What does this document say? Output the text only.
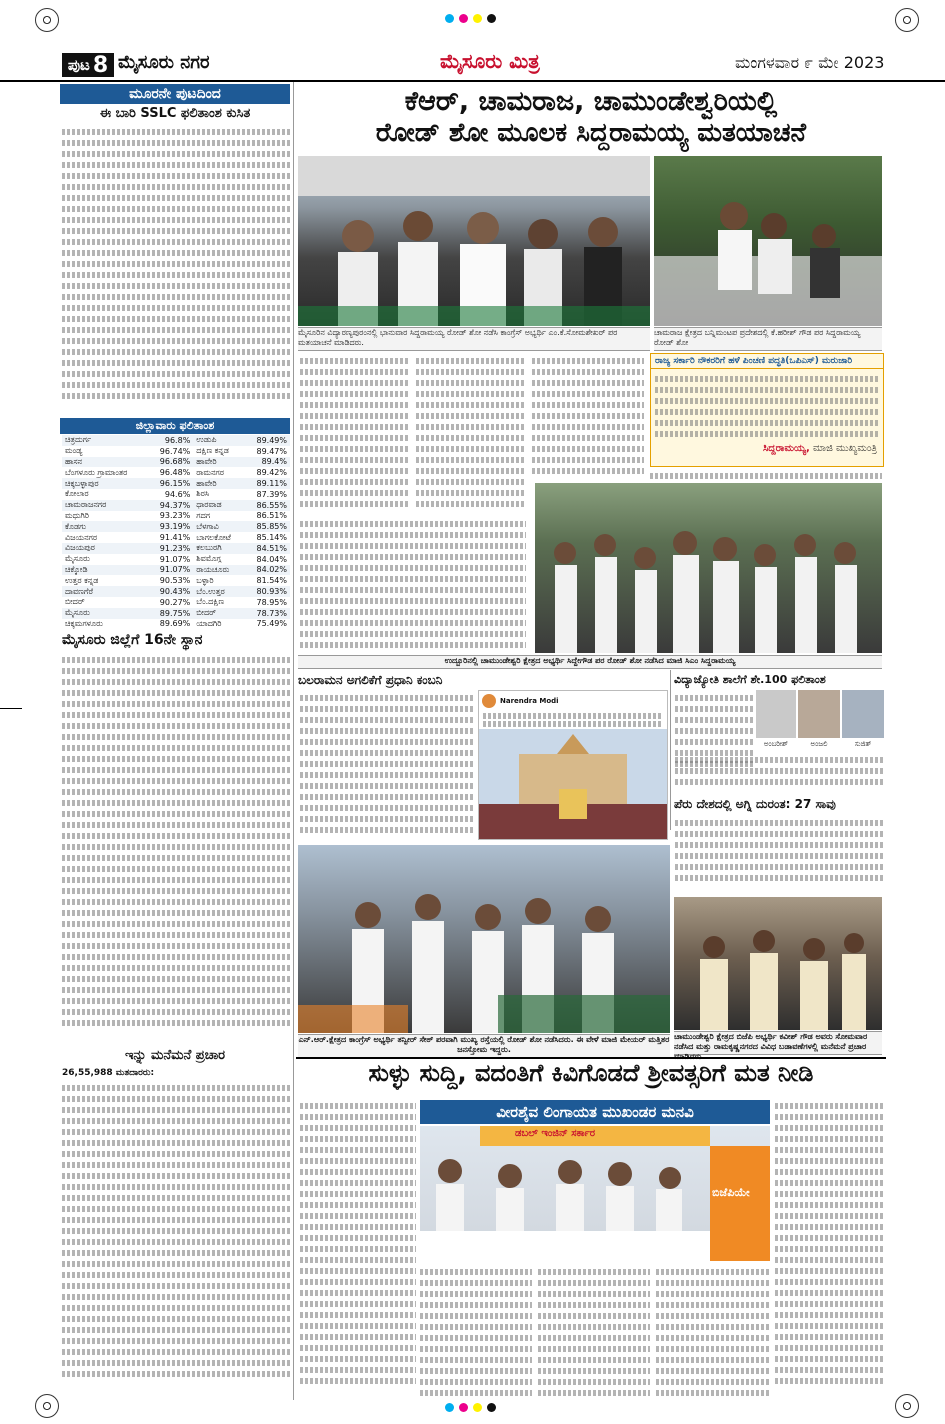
ಪುಟ 8 ಮೈಸೂರು ನಗರ	ಮೈಸೂರು ಮಿತ್ರ	ಮಂಗಳವಾರ ೯ ಮೇ 2023
ಮೂರನೇ ಪುಟದಿಂದ
ಈ ಬಾರಿ SSLC ಫಲಿತಾಂಶ ಕುಸಿತ
ಜಿಲ್ಲಾವಾರು ಫಲಿತಾಂಶ
ಚಿತ್ರದುರ್ಗ	96.8%	ಉಡುಪಿ	89.49%
ಮಂಡ್ಯ	96.74%	ದಕ್ಷಿಣ ಕನ್ನಡ	89.47%
ಹಾಸನ	96.68%	ಹಾವೇರಿ	89.4%
ಬೆಂಗಳೂರು ಗ್ರಾಮಾಂತರ	96.48%	ರಾಮನಗರ	89.42%
ಚಿಕ್ಕಬಳ್ಳಾಪುರ	96.15%	ಹಾವೇರಿ	89.11%
ಕೋಲಾರ	94.6%	ಶಿರಸಿ	87.39%
ಚಾಮರಾಜನಗರ	94.37%	ಧಾರವಾಡ	86.55%
ಮಧುಗಿರಿ	93.23%	ಗದಗ	86.51%
ಕೊಡಗು	93.19%	ಬೆಳಗಾವಿ	85.85%
ವಿಜಯನಗರ	91.41%	ಬಾಗಲಕೋಟೆ	85.14%
ವಿಜಯಪುರ	91.23%	ಕಲಬುರಗಿ	84.51%
ಮೈಸೂರು	91.07%	ಶಿವಮೊಗ್ಗ	84.04%
ಚಿಕ್ಕೋಡಿ	91.07%	ರಾಯಚೂರು	84.02%
ಉತ್ತರ ಕನ್ನಡ	90.53%	ಬಳ್ಳಾರಿ	81.54%
ದಾವಣಗೆರೆ	90.43%	ಬೆಂ.ಉತ್ತರ	80.93%
ಬೀದರ್	90.27%	ಬೆಂ.ದಕ್ಷಿಣ	78.95%
ಮೈಸೂರು	89.75%	ಬೀದರ್	78.73%
ಚಿಕ್ಕಮಗಳೂರು	89.69%	ಯಾದಗಿರಿ	75.49%
ಮೈಸೂರು ಜಿಲ್ಲೆಗೆ 16ನೇ ಸ್ಥಾನ
ಇನ್ನು ಮನೆಮನೆ ಪ್ರಚಾರ
26,55,988 ಮತದಾರರು:
ಕೆಆರ್, ಚಾಮರಾಜ, ಚಾಮುಂಡೇಶ್ವರಿಯಲ್ಲಿ
ರೋಡ್ ಶೋ ಮೂಲಕ ಸಿದ್ದರಾಮಯ್ಯ ಮತಯಾಚನೆ
ಮೈಸೂರಿನ ವಿದ್ಯಾರಣ್ಯಪುರಂನಲ್ಲಿ ಭಾನುವಾರ ಸಿದ್ದರಾಮಯ್ಯ ರೋಡ್ ಶೋ ನಡೆಸಿ ಕಾಂಗ್ರೆಸ್ ಅಭ್ಯರ್ಥಿ ಎಂ.ಕೆ.ಸೋಮಶೇಖರ್ ಪರ ಮತಯಾಚನೆ ಮಾಡಿದರು.
ಚಾಮರಾಜ ಕ್ಷೇತ್ರದ ಬನ್ನಿಮಂಟಪ ಪ್ರದೇಶದಲ್ಲಿ ಕೆ.ಹರೀಶ್ ಗೌಡ ಪರ ಸಿದ್ದರಾಮಯ್ಯ ರೋಡ್ ಶೋ
ರಾಜ್ಯ ಸರ್ಕಾರಿ ನೌಕರರಿಗೆ ಹಳೆ ಪಿಂಚಣಿ ಪದ್ಧತಿ(ಒಪಿಎಸ್) ಮರುಜಾರಿ
ಸಿದ್ದರಾಮಯ್ಯ, ಮಾಜಿ ಮುಖ್ಯಮಂತ್ರಿ
ಉದ್ಬೂರಿನಲ್ಲಿ ಚಾಮುಂಡೇಶ್ವರಿ ಕ್ಷೇತ್ರದ ಅಭ್ಯರ್ಥಿ ಸಿದ್ದೇಗೌಡ ಪರ ರೋಡ್ ಶೋ ನಡೆಸಿದ ಮಾಜಿ ಸಿಎಂ ಸಿದ್ದರಾಮಯ್ಯ
ಬಲರಾಮನ ಅಗಲಿಕೆಗೆ ಪ್ರಧಾನಿ ಕಂಬನಿ
Narendra Modi
ವಿದ್ಯಾಜ್ಯೋತಿ ಶಾಲೆಗೆ ಶೇ.100 ಫಲಿತಾಂಶ
ಅಂಬರೀಶ್	ಅಂಜಲಿ	ಸುಜಿತ್
ಪೆರು ದೇಶದಲ್ಲಿ ಅಗ್ನಿ ದುರಂತ: 27 ಸಾವು
ಎನ್.ಆರ್.ಕ್ಷೇತ್ರದ ಕಾಂಗ್ರೆಸ್ ಅಭ್ಯರ್ಥಿ ತನ್ವೀರ್ ಸೇಠ್ ಪರವಾಗಿ ಮುಖ್ಯ ರಸ್ತೆಯಲ್ಲಿ ರೋಡ್ ಶೋ ನಡೆಸಿದರು. ಈ ವೇಳೆ ಮಾಜಿ ಮೇಯರ್ ಮತ್ತಿತರ ಜನಸ್ತೋಮ ಇದ್ದರು.
ಚಾಮುಂಡೇಶ್ವರಿ ಕ್ಷೇತ್ರದ ಬಿಜೆಪಿ ಅಭ್ಯರ್ಥಿ ಕವೀಶ್ ಗೌಡ ಅವರು ಸೋಮವಾರ ನಡೆಸಿದ ಮತ್ತು ರಾಮಕೃಷ್ಣನಗರದ ವಿವಿಧ ಬಡಾವಣೆಗಳಲ್ಲಿ ಮನೆಮನೆ ಪ್ರಚಾರ
ಸುಳ್ಳು ಸುದ್ದಿ, ವದಂತಿಗೆ ಕಿವಿಗೊಡದೆ ಶ್ರೀವತ್ಸರಿಗೆ ಮತ ನೀಡಿ
ವೀರಶೈವ ಲಿಂಗಾಯತ ಮುಖಂಡರ ಮನವಿ
ಡಬಲ್ ಇಂಜಿನ್ ಸರ್ಕಾರ
ಬಿಜೆಪಿಯೇ
